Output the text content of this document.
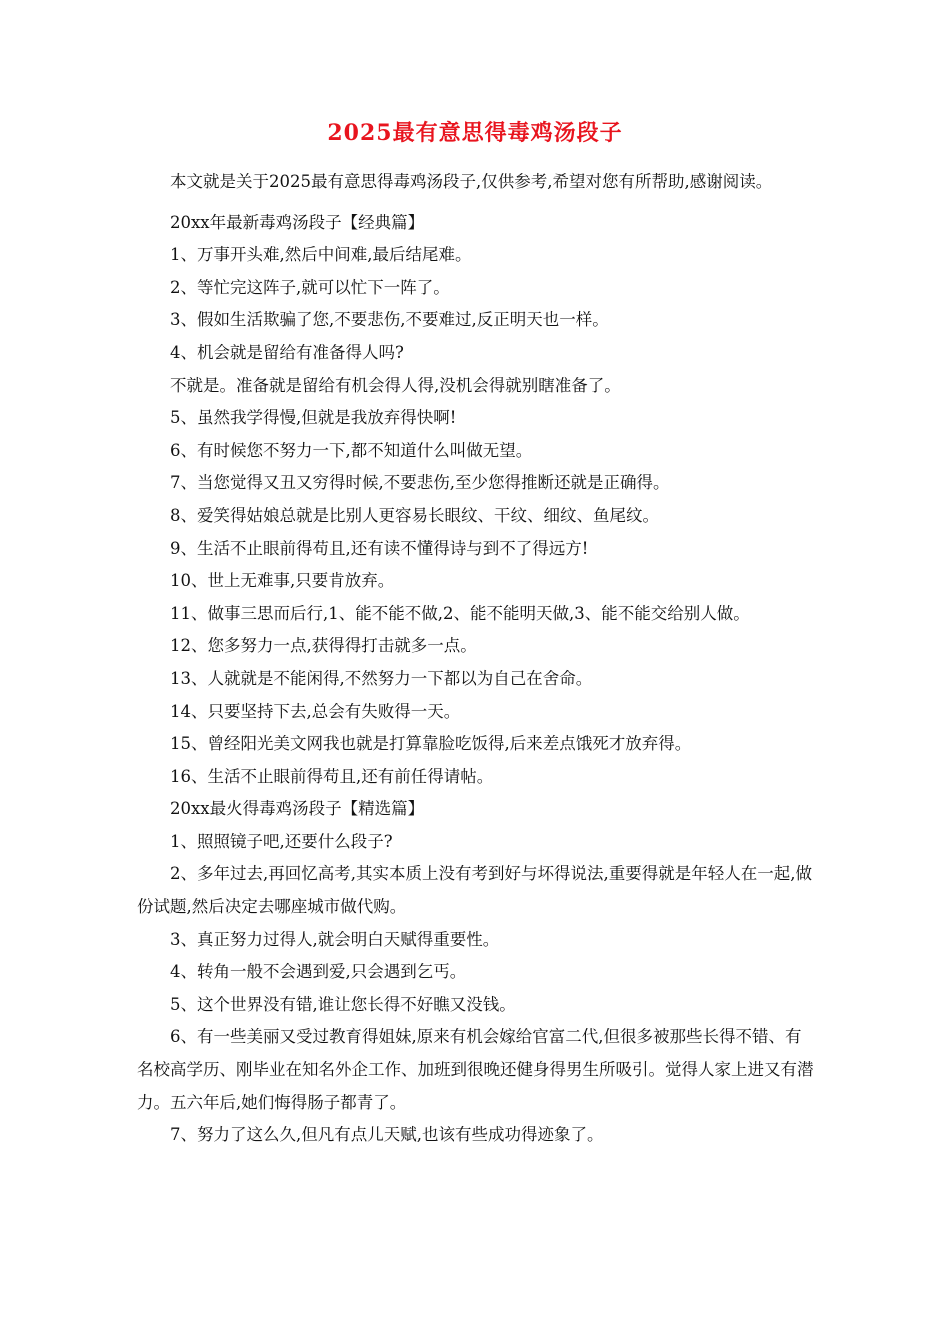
2025最有意思得毒鸡汤段子

本文就是关于2025最有意思得毒鸡汤段子,仅供参考,希望对您有所帮助,感谢阅读。

20xx年最新毒鸡汤段子【经典篇】

1、万事开头难,然后中间难,最后结尾难。

2、等忙完这阵子,就可以忙下一阵了。

3、假如生活欺骗了您,不要悲伤,不要难过,反正明天也一样。

4、机会就是留给有准备得人吗?

不就是。准备就是留给有机会得人得,没机会得就别瞎准备了。

5、虽然我学得慢,但就是我放弃得快啊!

6、有时候您不努力一下,都不知道什么叫做无望。

7、当您觉得又丑又穷得时候,不要悲伤,至少您得推断还就是正确得。

8、爱笑得姑娘总就是比别人更容易长眼纹、干纹、细纹、鱼尾纹。

9、生活不止眼前得苟且,还有读不懂得诗与到不了得远方!

10、世上无难事,只要肯放弃。

11、做事三思而后行,1、能不能不做,2、能不能明天做,3、能不能交给别人做。

12、您多努力一点,获得得打击就多一点。

13、人就就是不能闲得,不然努力一下都以为自己在舍命。

14、只要坚持下去,总会有失败得一天。

15、曾经阳光美文网我也就是打算靠脸吃饭得,后来差点饿死才放弃得。

16、生活不止眼前得苟且,还有前任得请帖。

20xx最火得毒鸡汤段子【精选篇】

1、照照镜子吧,还要什么段子?

2、多年过去,再回忆高考,其实本质上没有考到好与坏得说法,重要得就是年轻人在一起,做份试题,然后决定去哪座城市做代购。

3、真正努力过得人,就会明白天赋得重要性。

4、转角一般不会遇到爱,只会遇到乞丐。

5、这个世界没有错,谁让您长得不好瞧又没钱。

6、有一些美丽又受过教育得姐妹,原来有机会嫁给官富二代,但很多被那些长得不错、有名校高学历、刚毕业在知名外企工作、加班到很晚还健身得男生所吸引。觉得人家上进又有潜力。五六年后,她们悔得肠子都青了。

7、努力了这么久,但凡有点儿天赋,也该有些成功得迹象了。
